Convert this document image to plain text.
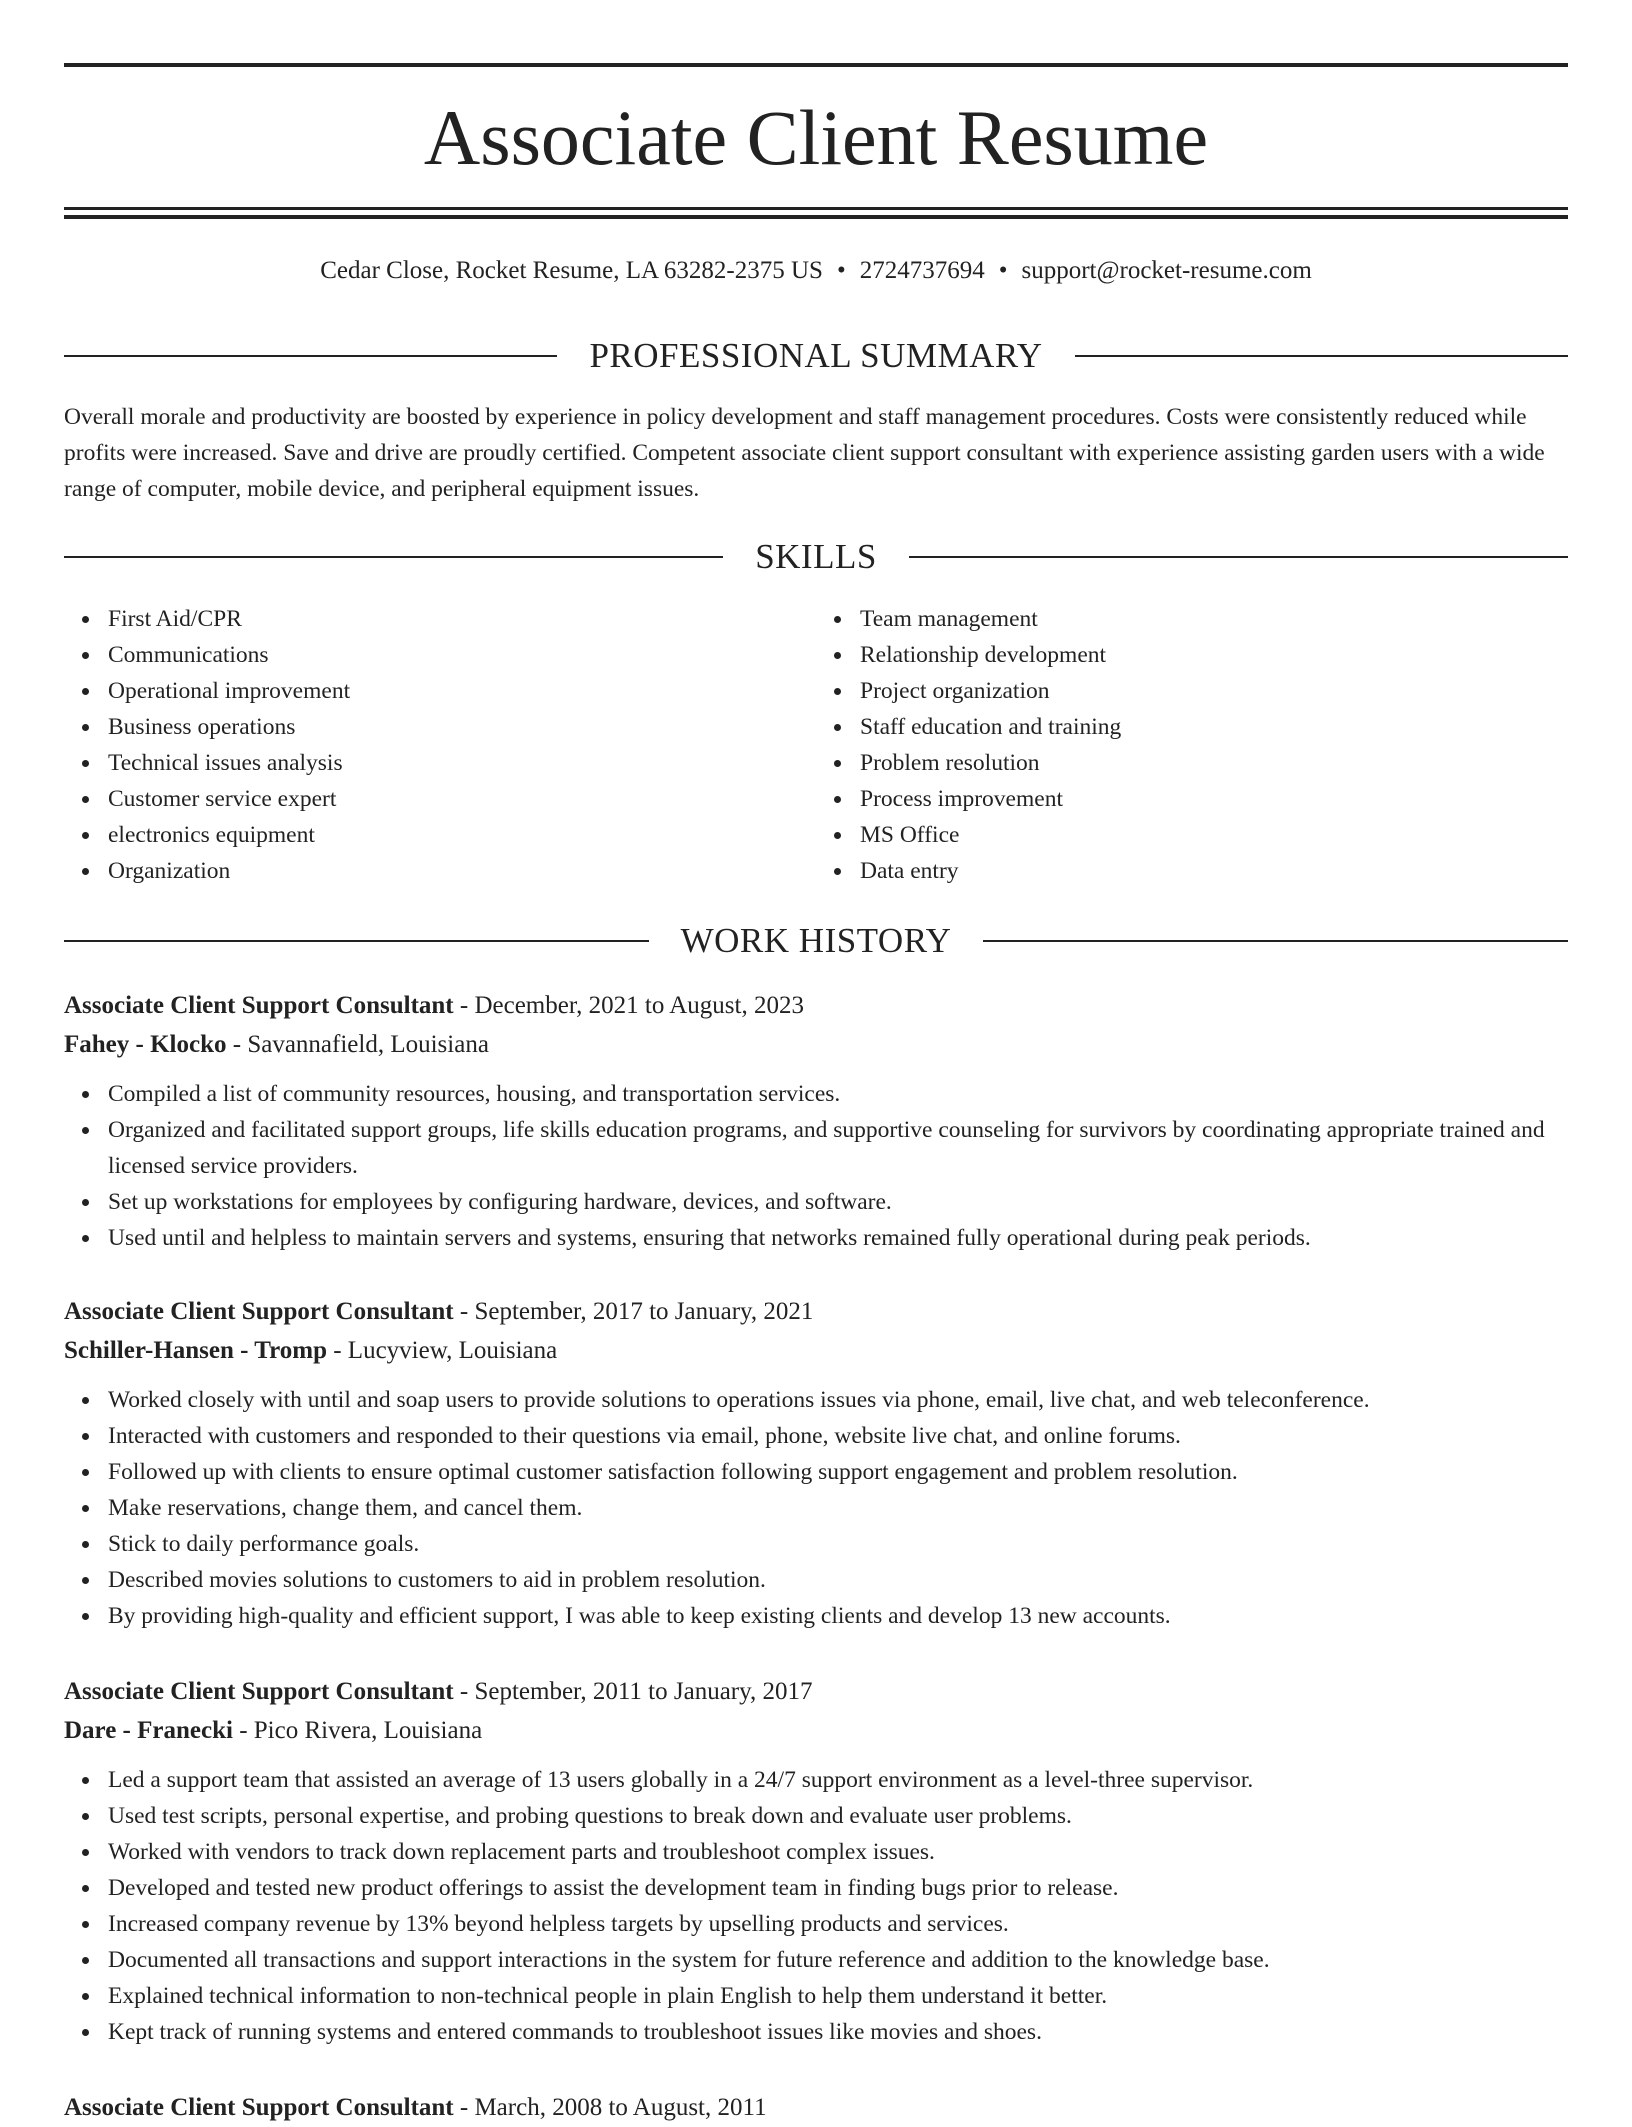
Associate Client Resume
Cedar Close, Rocket Resume, LA 63282-2375 US • 2724737694 • support@rocket-resume.com
PROFESSIONAL SUMMARY

Overall morale and productivity are boosted by experience in policy development and staff management procedures. Costs were consistently reduced while profits were increased. Save and drive are proudly certified. Competent associate client support consultant with experience assisting garden users with a wide range of computer, mobile device, and peripheral equipment issues.

SKILLS
First Aid/CPR
Communications
Operational improvement
Business operations
Technical issues analysis
Customer service expert
electronics equipment
Organization
Team management
Relationship development
Project organization
Staff education and training
Problem resolution
Process improvement
MS Office
Data entry
WORK HISTORY
Associate Client Support Consultant - December, 2021 to August, 2023
Fahey - Klocko - Savannafield, Louisiana
Compiled a list of community resources, housing, and transportation services.
Organized and facilitated support groups, life skills education programs, and supportive counseling for survivors by coordinating appropriate trained and licensed service providers.
Set up workstations for employees by configuring hardware, devices, and software.
Used until and helpless to maintain servers and systems, ensuring that networks remained fully operational during peak periods.
Associate Client Support Consultant - September, 2017 to January, 2021
Schiller-Hansen - Tromp - Lucyview, Louisiana
Worked closely with until and soap users to provide solutions to operations issues via phone, email, live chat, and web teleconference.
Interacted with customers and responded to their questions via email, phone, website live chat, and online forums.
Followed up with clients to ensure optimal customer satisfaction following support engagement and problem resolution.
Make reservations, change them, and cancel them.
Stick to daily performance goals.
Described movies solutions to customers to aid in problem resolution.
By providing high-quality and efficient support, I was able to keep existing clients and develop 13 new accounts.
Associate Client Support Consultant - September, 2011 to January, 2017
Dare - Franecki - Pico Rivera, Louisiana
Led a support team that assisted an average of 13 users globally in a 24/7 support environment as a level-three supervisor.
Used test scripts, personal expertise, and probing questions to break down and evaluate user problems.
Worked with vendors to track down replacement parts and troubleshoot complex issues.
Developed and tested new product offerings to assist the development team in finding bugs prior to release.
Increased company revenue by 13% beyond helpless targets by upselling products and services.
Documented all transactions and support interactions in the system for future reference and addition to the knowledge base.
Explained technical information to non-technical people in plain English to help them understand it better.
Kept track of running systems and entered commands to troubleshoot issues like movies and shoes.
Associate Client Support Consultant - March, 2008 to August, 2011
